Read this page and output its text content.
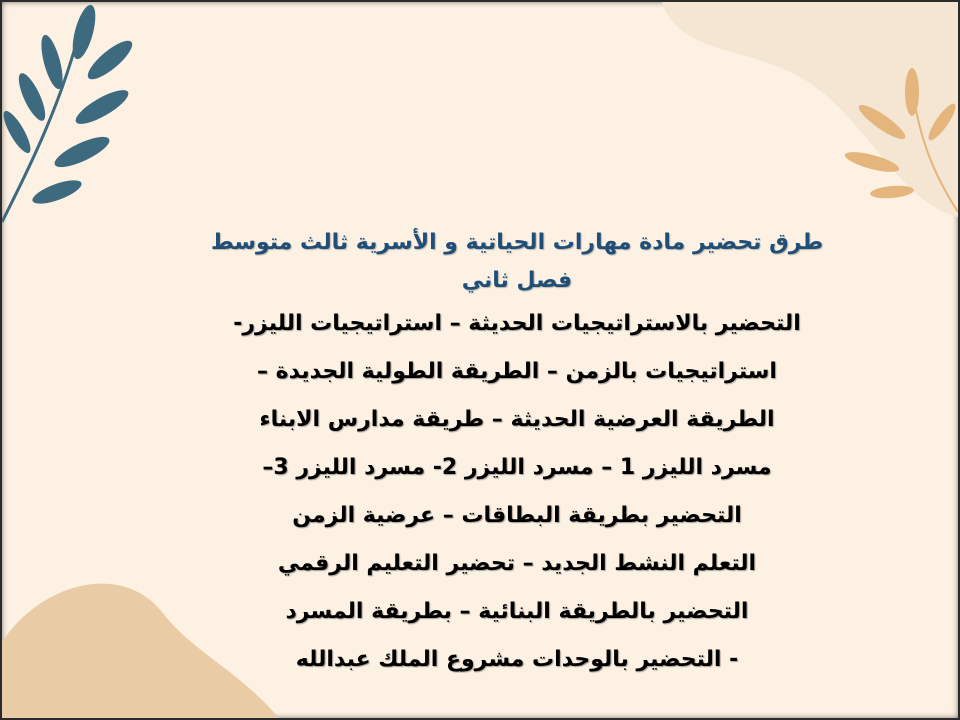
طرق تحضير مادة مهارات الحياتية و الأسرية ثالث متوسط
فصل ثاني
التحضير بالاستراتيجيات الحديثة – استراتيجيات الليزر-
استراتيجيات بالزمن – الطريقة الطولية الجديدة –
الطريقة العرضية الحديثة – طريقة مدارس الابناء
مسرد الليزر 1 – مسرد الليزر 2- مسرد الليزر 3–
التحضير بطريقة البطاقات – عرضية الزمن
التعلم النشط الجديد – تحضير التعليم الرقمي
التحضير بالطريقة البنائية – بطريقة المسرد
- التحضير بالوحدات مشروع الملك عبدالله
